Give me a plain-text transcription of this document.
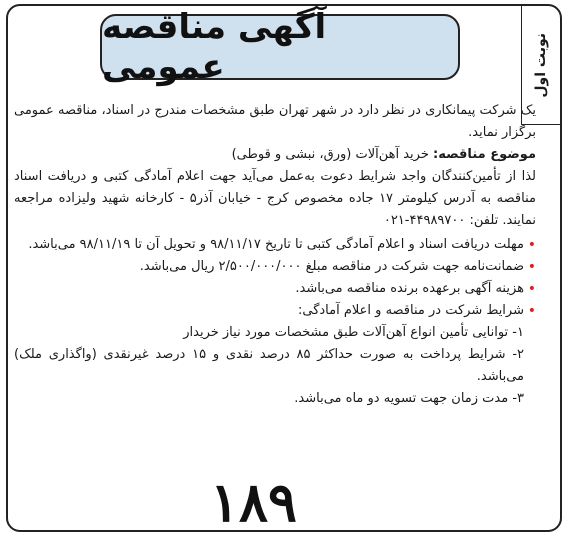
نوبت اول
آگهی مناقصه عمومی

یک شرکت پیمانکاری در نظر دارد در شهر تهران طبق مشخصات مندرج در اسناد، مناقصه عمومی برگزار نماید.

موضوع مناقصه: خرید آهن‌آلات (ورق، نبشی و قوطی)

لذا از تأمین‌کنندگان واجد شرایط دعوت به‌عمل می‌آید جهت اعلام آمادگی کتبی و دریافت اسناد مناقصه به آدرس کیلومتر ۱۷ جاده مخصوص کرج - خیابان آذر۵ - کارخانه شهید ولیزاده مراجعه نمایند. تلفن: ۴۴۹۸۹۷۰۰-۰۲۱

• مهلت دریافت اسناد و اعلام آمادگی کتبی تا تاریخ ۹۸/۱۱/۱۷ و تحویل آن تا ۹۸/۱۱/۱۹ می‌باشد.
• ضمانت‌نامه جهت شرکت در مناقصه مبلغ ۲/۵۰۰/۰۰۰/۰۰۰ ریال می‌باشد.
• هزینه آگهی برعهده برنده مناقصه می‌باشد.
• شرایط شرکت در مناقصه و اعلام آمادگی:

۱- توانایی تأمین انواع آهن‌آلات طبق مشخصات مورد نیاز خریدار

۲- شرایط پرداخت به صورت حداکثر ۸۵ درصد نقدی و ۱۵ درصد غیرنقدی (واگذاری ملک) می‌باشد.

۳- مدت زمان جهت تسویه دو ماه می‌باشد.

۱۸۹
